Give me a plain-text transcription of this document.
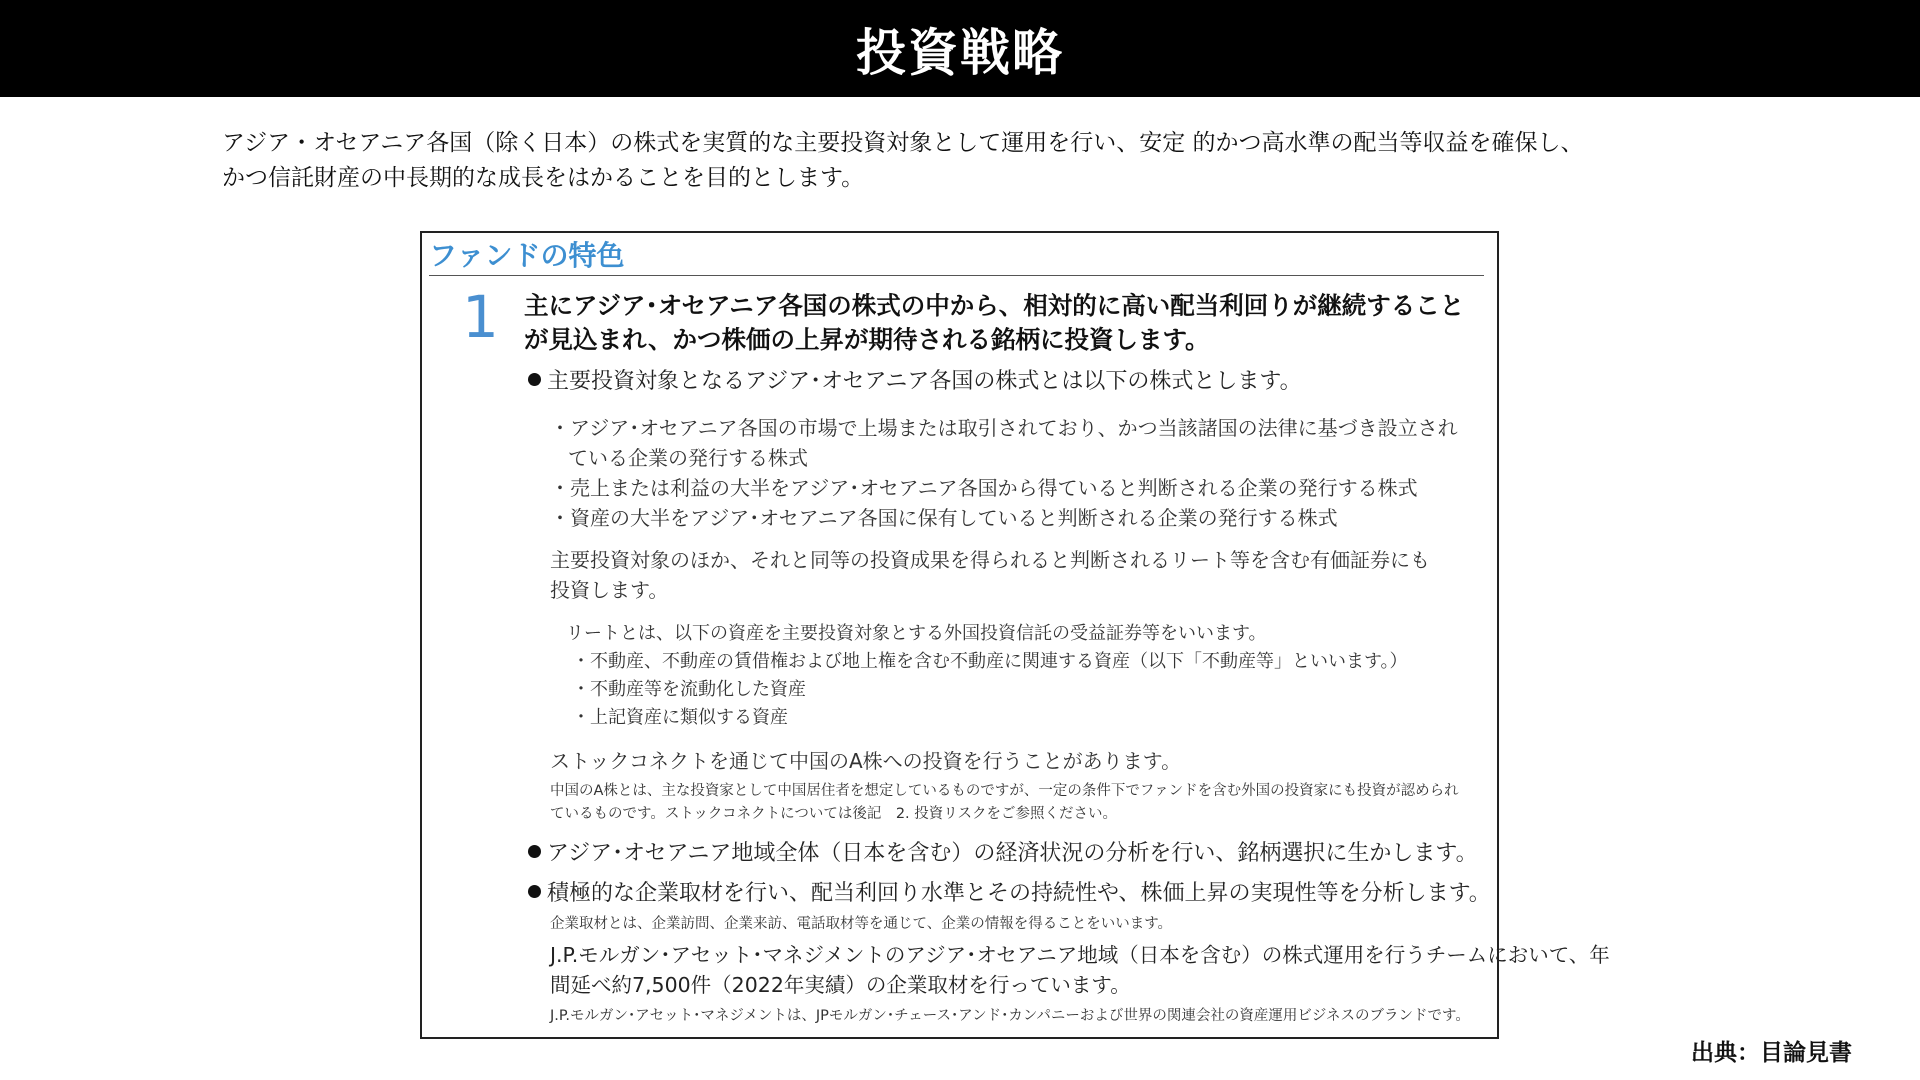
投資戦略

アジア・オセアニア各国（除く日本）の株式を実質的な主要投資対象として運用を行い、安定 的かつ高水準の配当等収益を確保し、

かつ信託財産の中長期的な成長をはかることを目的とします。

ファンドの特色
1 主にアジア･オセアニア各国の株式の中から、相対的に高い配当利回りが継続すること

が見込まれ、かつ株価の上昇が期待される銘柄に投資します。

主要投資対象となるアジア･オセアニア各国の株式とは以下の株式とします。

・アジア･オセアニア各国の市場で上場または取引されており、かつ当該諸国の法律に基づき設立され

ている企業の発行する株式

・売上または利益の大半をアジア･オセアニア各国から得ていると判断される企業の発行する株式

・資産の大半をアジア･オセアニア各国に保有していると判断される企業の発行する株式

主要投資対象のほか、それと同等の投資成果を得られると判断されるリート等を含む有価証券にも

投資します。

リートとは、以下の資産を主要投資対象とする外国投資信託の受益証券等をいいます。

・不動産、不動産の賃借権および地上権を含む不動産に関連する資産（以下「不動産等」といいます。）

・不動産等を流動化した資産

・上記資産に類似する資産

ストックコネクトを通じて中国のA株への投資を行うことがあります。

中国のA株とは、主な投資家として中国居住者を想定しているものですが、一定の条件下でファンドを含む外国の投資家にも投資が認められ

ているものです。ストックコネクトについては後記　2. 投資リスクをご参照ください。

アジア･オセアニア地域全体（日本を含む）の経済状況の分析を行い、銘柄選択に生かします。

積極的な企業取材を行い、配当利回り水準とその持続性や、株価上昇の実現性等を分析します。

企業取材とは、企業訪問、企業来訪、電話取材等を通じて、企業の情報を得ることをいいます。

J.P.モルガン･アセット･マネジメントのアジア･オセアニア地域（日本を含む）の株式運用を行うチームにおいて、年

間延べ約7,500件（2022年実績）の企業取材を行っています。

J.P.モルガン･アセット･マネジメントは、JPモルガン･チェース･アンド･カンパニーおよび世界の関連会社の資産運用ビジネスのブランドです。

出典：目論見書
